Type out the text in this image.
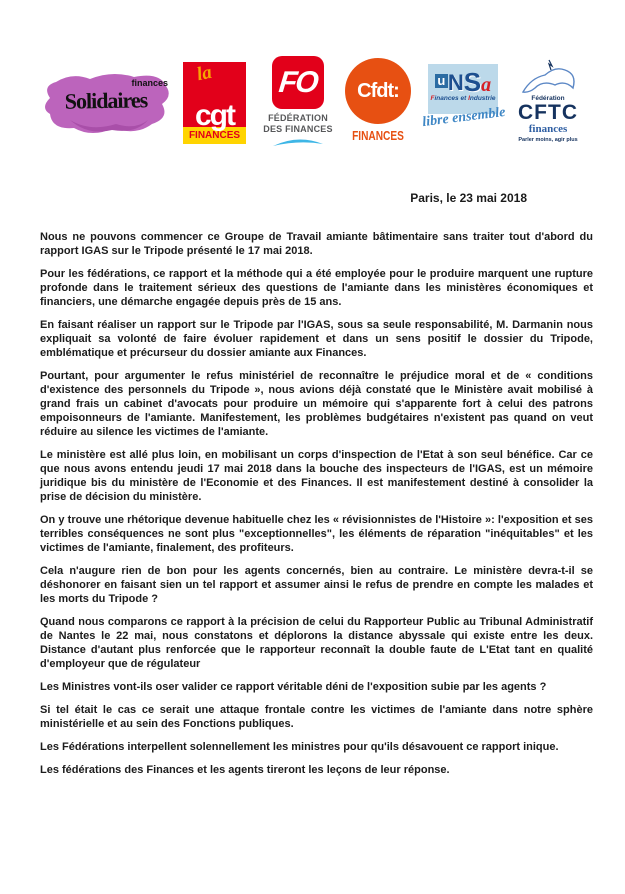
finances
Solidaires
la
cgt
FINANCES
FO
FÉDÉRATION
DES FINANCES
Cfdt:
FINANCES
u N S a
Finances et Industrie
libre ensemble
Fédération
CFTC
finances
Parler moins, agir plus
Paris, le 23 mai 2018

Nous ne pouvons commencer ce Groupe de Travail amiante bâtimentaire sans traiter tout d'abord du rapport IGAS sur le Tripode présenté le 17 mai 2018.

Pour les fédérations, ce rapport et la méthode qui a été employée pour le produire marquent une rupture profonde dans le traitement sérieux des questions de l'amiante dans les ministères économiques et financiers, une démarche engagée depuis près de 15 ans.

En faisant réaliser un rapport sur le Tripode par l'IGAS, sous sa seule responsabilité, M. Darmanin nous expliquait sa volonté de faire évoluer rapidement et dans un sens positif le dossier du Tripode, emblématique et précurseur du dossier amiante aux Finances.

Pourtant, pour argumenter le refus ministériel de reconnaître le préjudice moral et de « conditions d'existence des personnels du Tripode », nous avions déjà constaté que le Ministère avait mobilisé à grand frais un cabinet d'avocats pour produire un mémoire qui s'apparente fort à celui des patrons empoisonneurs de l'amiante. Manifestement, les problèmes budgétaires n'existent pas quand on veut réduire au silence les victimes de l'amiante.

Le ministère est allé plus loin, en mobilisant un corps d'inspection de l'Etat à son seul bénéfice. Car ce que nous avons entendu jeudi 17 mai 2018 dans la bouche des inspecteurs de l'IGAS, est un mémoire juridique bis du ministère de l'Economie et des Finances. Il est manifestement destiné à consolider la prise de décision du ministère.

On y trouve une rhétorique devenue habituelle chez les « révisionnistes de l'Histoire »: l'exposition et ses terribles conséquences ne sont plus "exceptionnelles", les éléments de réparation "inéquitables" et les victimes de l'amiante, finalement, des profiteurs.

Cela n'augure rien de bon pour les agents concernés, bien au contraire. Le ministère devra-t-il se déshonorer en faisant sien un tel rapport et assumer ainsi le refus de prendre en compte les malades et les morts du Tripode ?

Quand nous comparons ce rapport à la précision de celui du Rapporteur Public au Tribunal Administratif de Nantes le 22 mai, nous constatons et déplorons la distance abyssale qui existe entre les deux. Distance d'autant plus renforcée que le rapporteur reconnaît la double faute de L'Etat tant en qualité d'employeur que de régulateur

Les Ministres vont-ils oser valider ce rapport véritable déni de l'exposition subie par les agents ?

Si tel était le cas ce serait une attaque frontale contre les victimes de l'amiante dans notre sphère ministérielle et au sein des Fonctions publiques.

Les Fédérations interpellent solennellement les ministres pour qu'ils désavouent ce rapport inique.

Les fédérations des Finances et les agents tireront les leçons de leur réponse.
